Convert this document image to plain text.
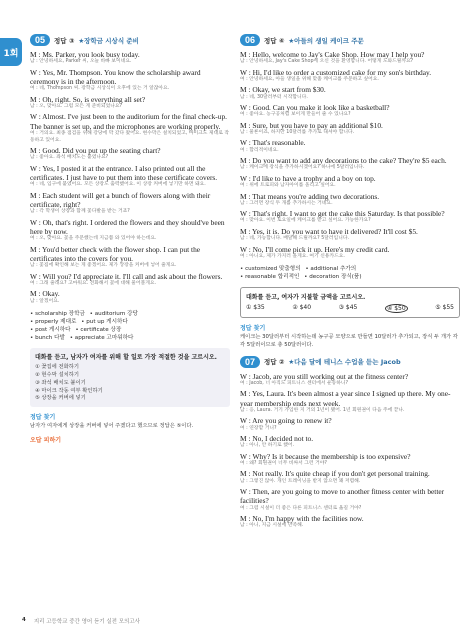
1회
05	정답 ③ ★장학금 시상식 준비
M : Ms. Parker, you look busy today.
남 : 안녕하세요, Parker 씨, 오늘 바빠 보이네요.
W : Yes, Mr. Thompson. You know the scholarship award ceremony is in the afternoon.
여 : 네, Thompson 씨. 장학금 시상식이 오후에 있는 거 알잖아요.
M : Oh, right. So, is everything all set?
남 : 오, 맞아요. 그럼 모든 게 준비되었나요?
W : Almost. I've just been to the auditorium for the final check-up. The banner is set up, and the microphones are working properly.
여 : 거의요. 최종 점검을 위해 강당에 막 갔다 왔어요. 현수막은 설치되었고, 마이크도 제대로 작동하고 있어요.
M : Good. Did you put up the seating chart?
남 : 좋아요. 좌석 배치도는 붙였나요?
W : Yes, I posted it at the entrance. I also printed out all the certificates. I just have to put them into these certificate covers.
여 : 네, 입구에 붙였어요. 모든 상장도 출력했어요. 이 상장 커버에 넣기만 하면 돼요.
M : Each student will get a bunch of flowers along with their certificate, right?
남 : 각 학생이 상장과 함께 꽃다발을 받는 거죠?
W : Oh, that's right. I ordered the flowers and they should've been here by now.
여 : 오, 맞아요. 꽃을 주문했는데 지금쯤 와 있어야 하는데요.
M : You'd better check with the flower shop. I can put the certificates into the covers for you.
남 : 꽃집에 확인해 보는 게 좋겠어요. 제가 상장을 커버에 넣어 줄게요.
W : Will you? I'd appreciate it. I'll call and ask about the flowers.
여 : 그래 줄래요? 고마워요. 전화해서 꽃에 대해 물어볼게요.
M : Okay.
남 : 알겠어요.
• scholarship 장학금 • auditorium 강당
• properly 제대로 • put up 게시하다
• post 게시하다 • certificate 상장
• bunch 다발 • appreciate 고마워하다
대화를 듣고, 남자가 여자를 위해 할 일로 가장 적절한 것을 고르시오.
① 꽃집에 전화하기
② 현수막 설치하기
③ 좌석 배치도 붙이기
④ 마이크 작동 여부 확인하기
⑤ 상장을 커버에 넣기
정답 찾기
남자가 여자에게 상장을 커버에 넣어 주겠다고 했으므로 정답은 ⑤이다.
오답 피하기
06	정답 ④ ★아들의 생일 케이크 주문
M : Hello, welcome to Jay's Cake Shop. How may I help you?
남 : 안녕하세요, Jay's Cake Shop에 오신 것을 환영합니다. 어떻게 도와드릴까요?
W : Hi, I'd like to order a customized cake for my son's birthday.
여 : 안녕하세요, 아들 생일을 위해 맞춤 케이크를 주문하고 싶어요.
M : Okay, we start from $30.
남 : 네, 30달러부터 시작합니다.
W : Good. Can you make it look like a basketball?
여 : 좋아요. 농구공처럼 보이게 만들어 줄 수 있나요?
M : Sure, but you have to pay an additional $10.
남 : 물론이죠, 하지만 10달러를 추가로 내셔야 합니다.
W : That's reasonable.
여 : 합리적이네요.
M : Do you want to add any decorations to the cake? They're $5 each.
남 : 케이크에 장식을 추가하시겠어요? 하나에 5달러입니다.
W : I'd like to have a trophy and a boy on top.
여 : 위에 트로피와 남자아이를 올리고 싶어요.
M : That means you're adding two decorations.
남 : 그러면 장식 두 개를 추가하시는 거네요.
W : That's right. I want to get the cake this Saturday. Is that possible?
여 : 맞아요. 이번 토요일에 케이크를 받고 싶어요. 가능한가요?
M : Yes, it is. Do you want to have it delivered? It'll cost $5.
남 : 네, 가능합니다. 배달해 드릴까요? 5달러입니다.
W : No, I'll come pick it up. Here's my credit card.
여 : 아니요, 제가 가지러 올게요. 여기 신용카드요.
• customized 맞춤형의 • additional 추가의
• reasonable 합리적인 • decoration 장식(품)
대화를 듣고, 여자가 지불할 금액을 고르시오.
① $35	② $40	③ $45	④ $50	⑤ $55
정답 찾기
케이크는 30달러부터 시작하는데 농구공 모양으로 만들면 10달러가 추가되고, 장식 두 개가 각각 5달러이므로 총 50달러이다.
07	정답 ② ★다음 달에 테니스 수업을 듣는 Jacob
W : Jacob, are you still working out at the fitness center?
여 : Jacob, 너 아직도 피트니스 센터에서 운동하니?
M : Yes, Laura. It's been almost a year since I signed up there. My one-year membership ends next week.
남 : 응, Laura. 거기 가입한 지 거의 1년이 됐어. 1년 회원권이 다음 주에 끝나.
W : Are you going to renew it?
여 : 연장할 거니?
M : No, I decided not to.
남 : 아니, 안 하기로 했어.
W : Why? Is it because the membership is too expensive?
여 : 왜? 회원권이 너무 비싸서 그런 거야?
M : Not really. It's quite cheap if you don't get personal training.
남 : 그렇진 않아. 개인 트레이닝을 받지 않으면 꽤 저렴해.
W : Then, are you going to move to another fitness center with better facilities?
여 : 그럼 시설이 더 좋은 다른 피트니스 센터로 옮길 거야?
M : No, I'm happy with the facilities now.
남 : 아니, 지금 시설에 만족해.
4 지리 고등학교 중간 영어 듣기 실전 모의고사
